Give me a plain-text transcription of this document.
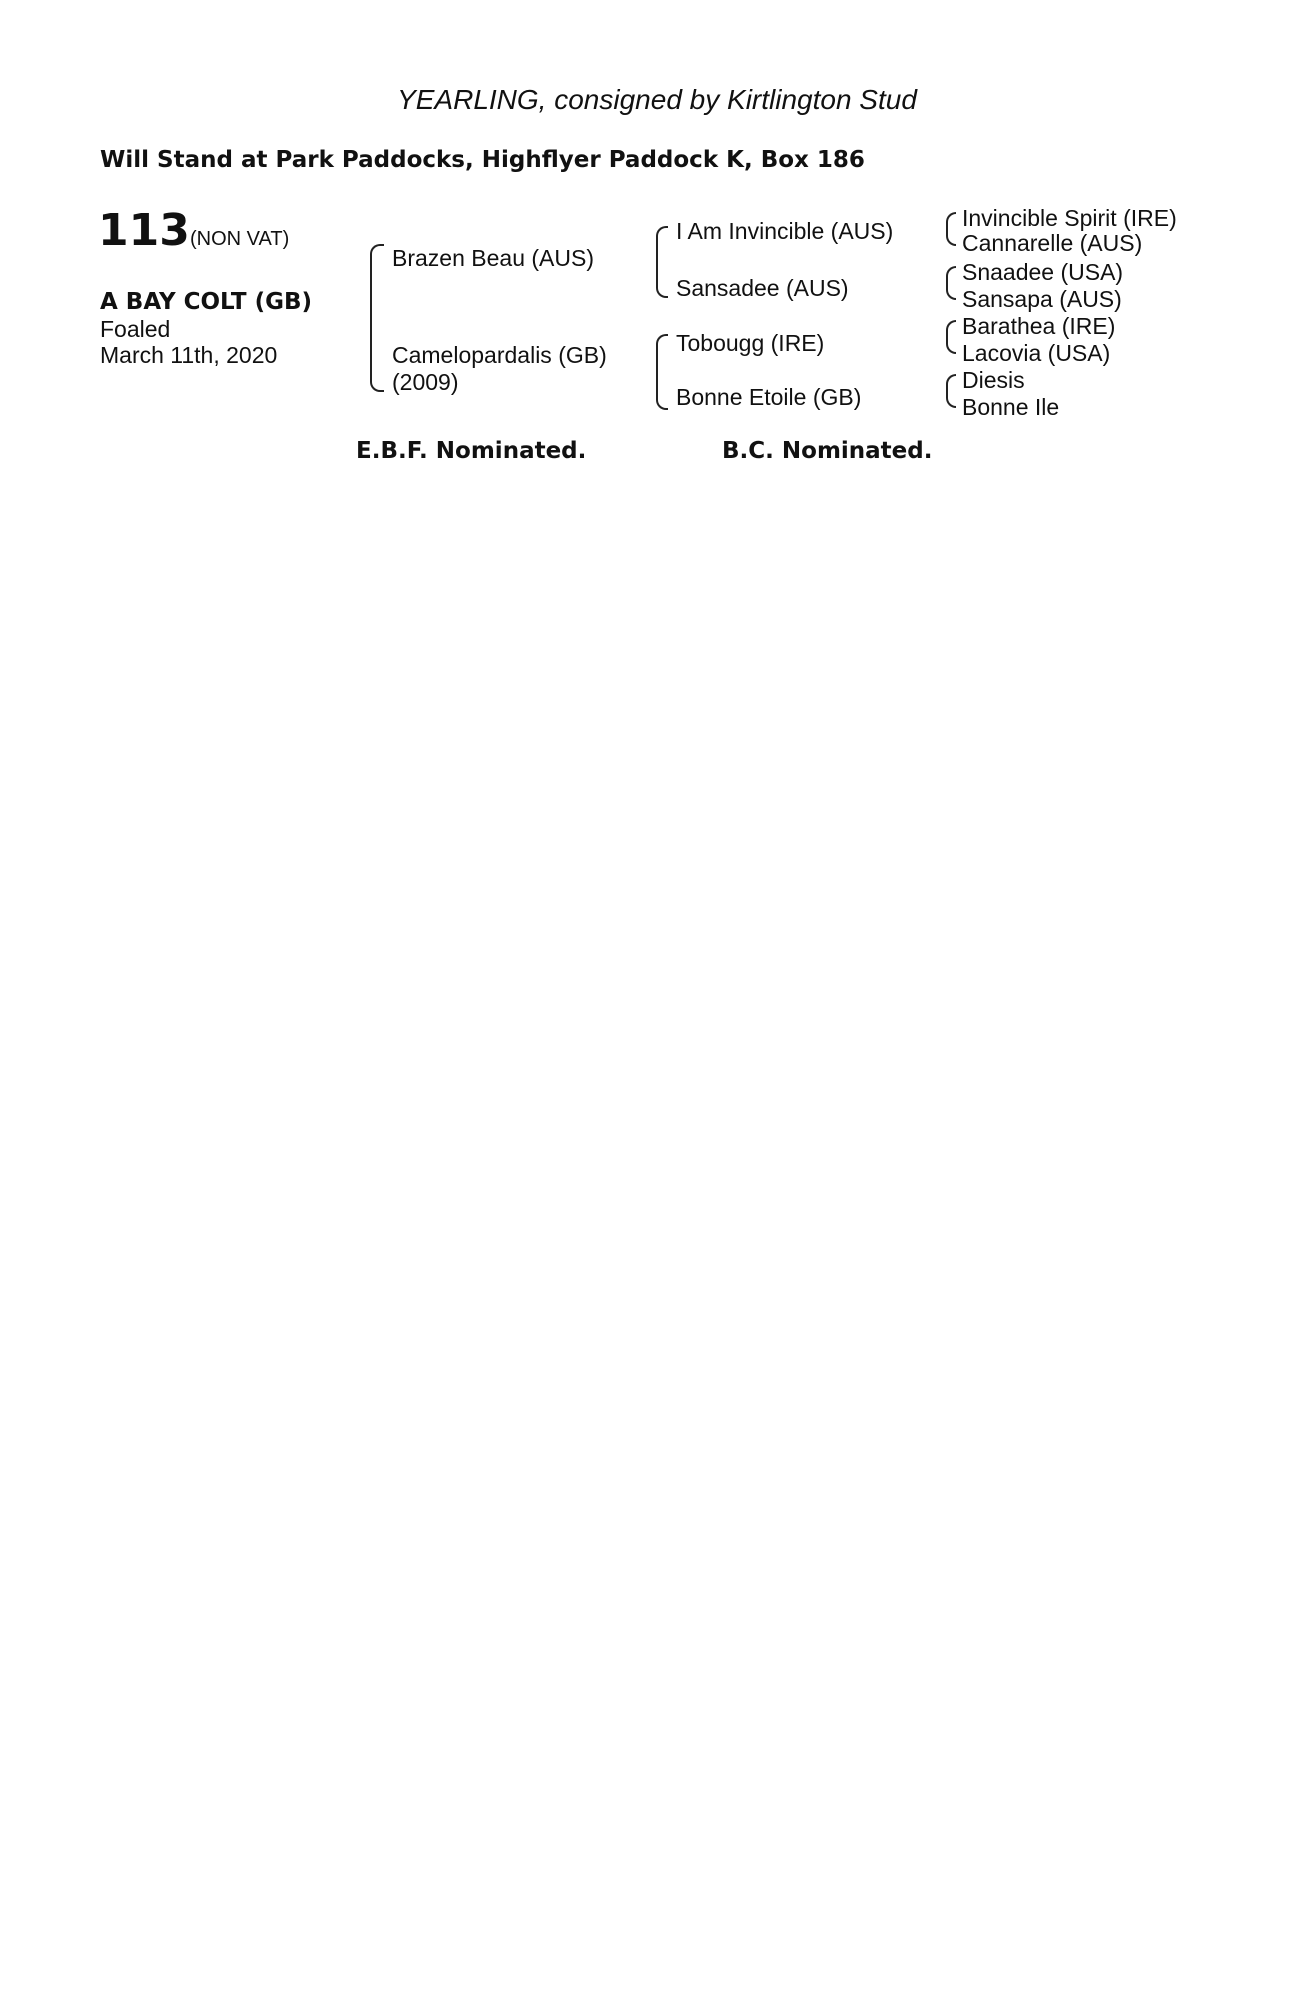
YEARLING, consigned by Kirtlington Stud
Will Stand at Park Paddocks, Highflyer Paddock K, Box 186
113 (NON VAT)
A BAY COLT (GB)
Foaled
March 11th, 2020
Brazen Beau (AUS)
Camelopardalis (GB)
(2009)
I Am Invincible (AUS)
Sansadee (AUS)
Tobougg (IRE)
Bonne Etoile (GB)
Invincible Spirit (IRE)
Cannarelle (AUS)
Snaadee (USA)
Sansapa (AUS)
Barathea (IRE)
Lacovia (USA)
Diesis
Bonne Ile
E.B.F. Nominated.	B.C. Nominated.
